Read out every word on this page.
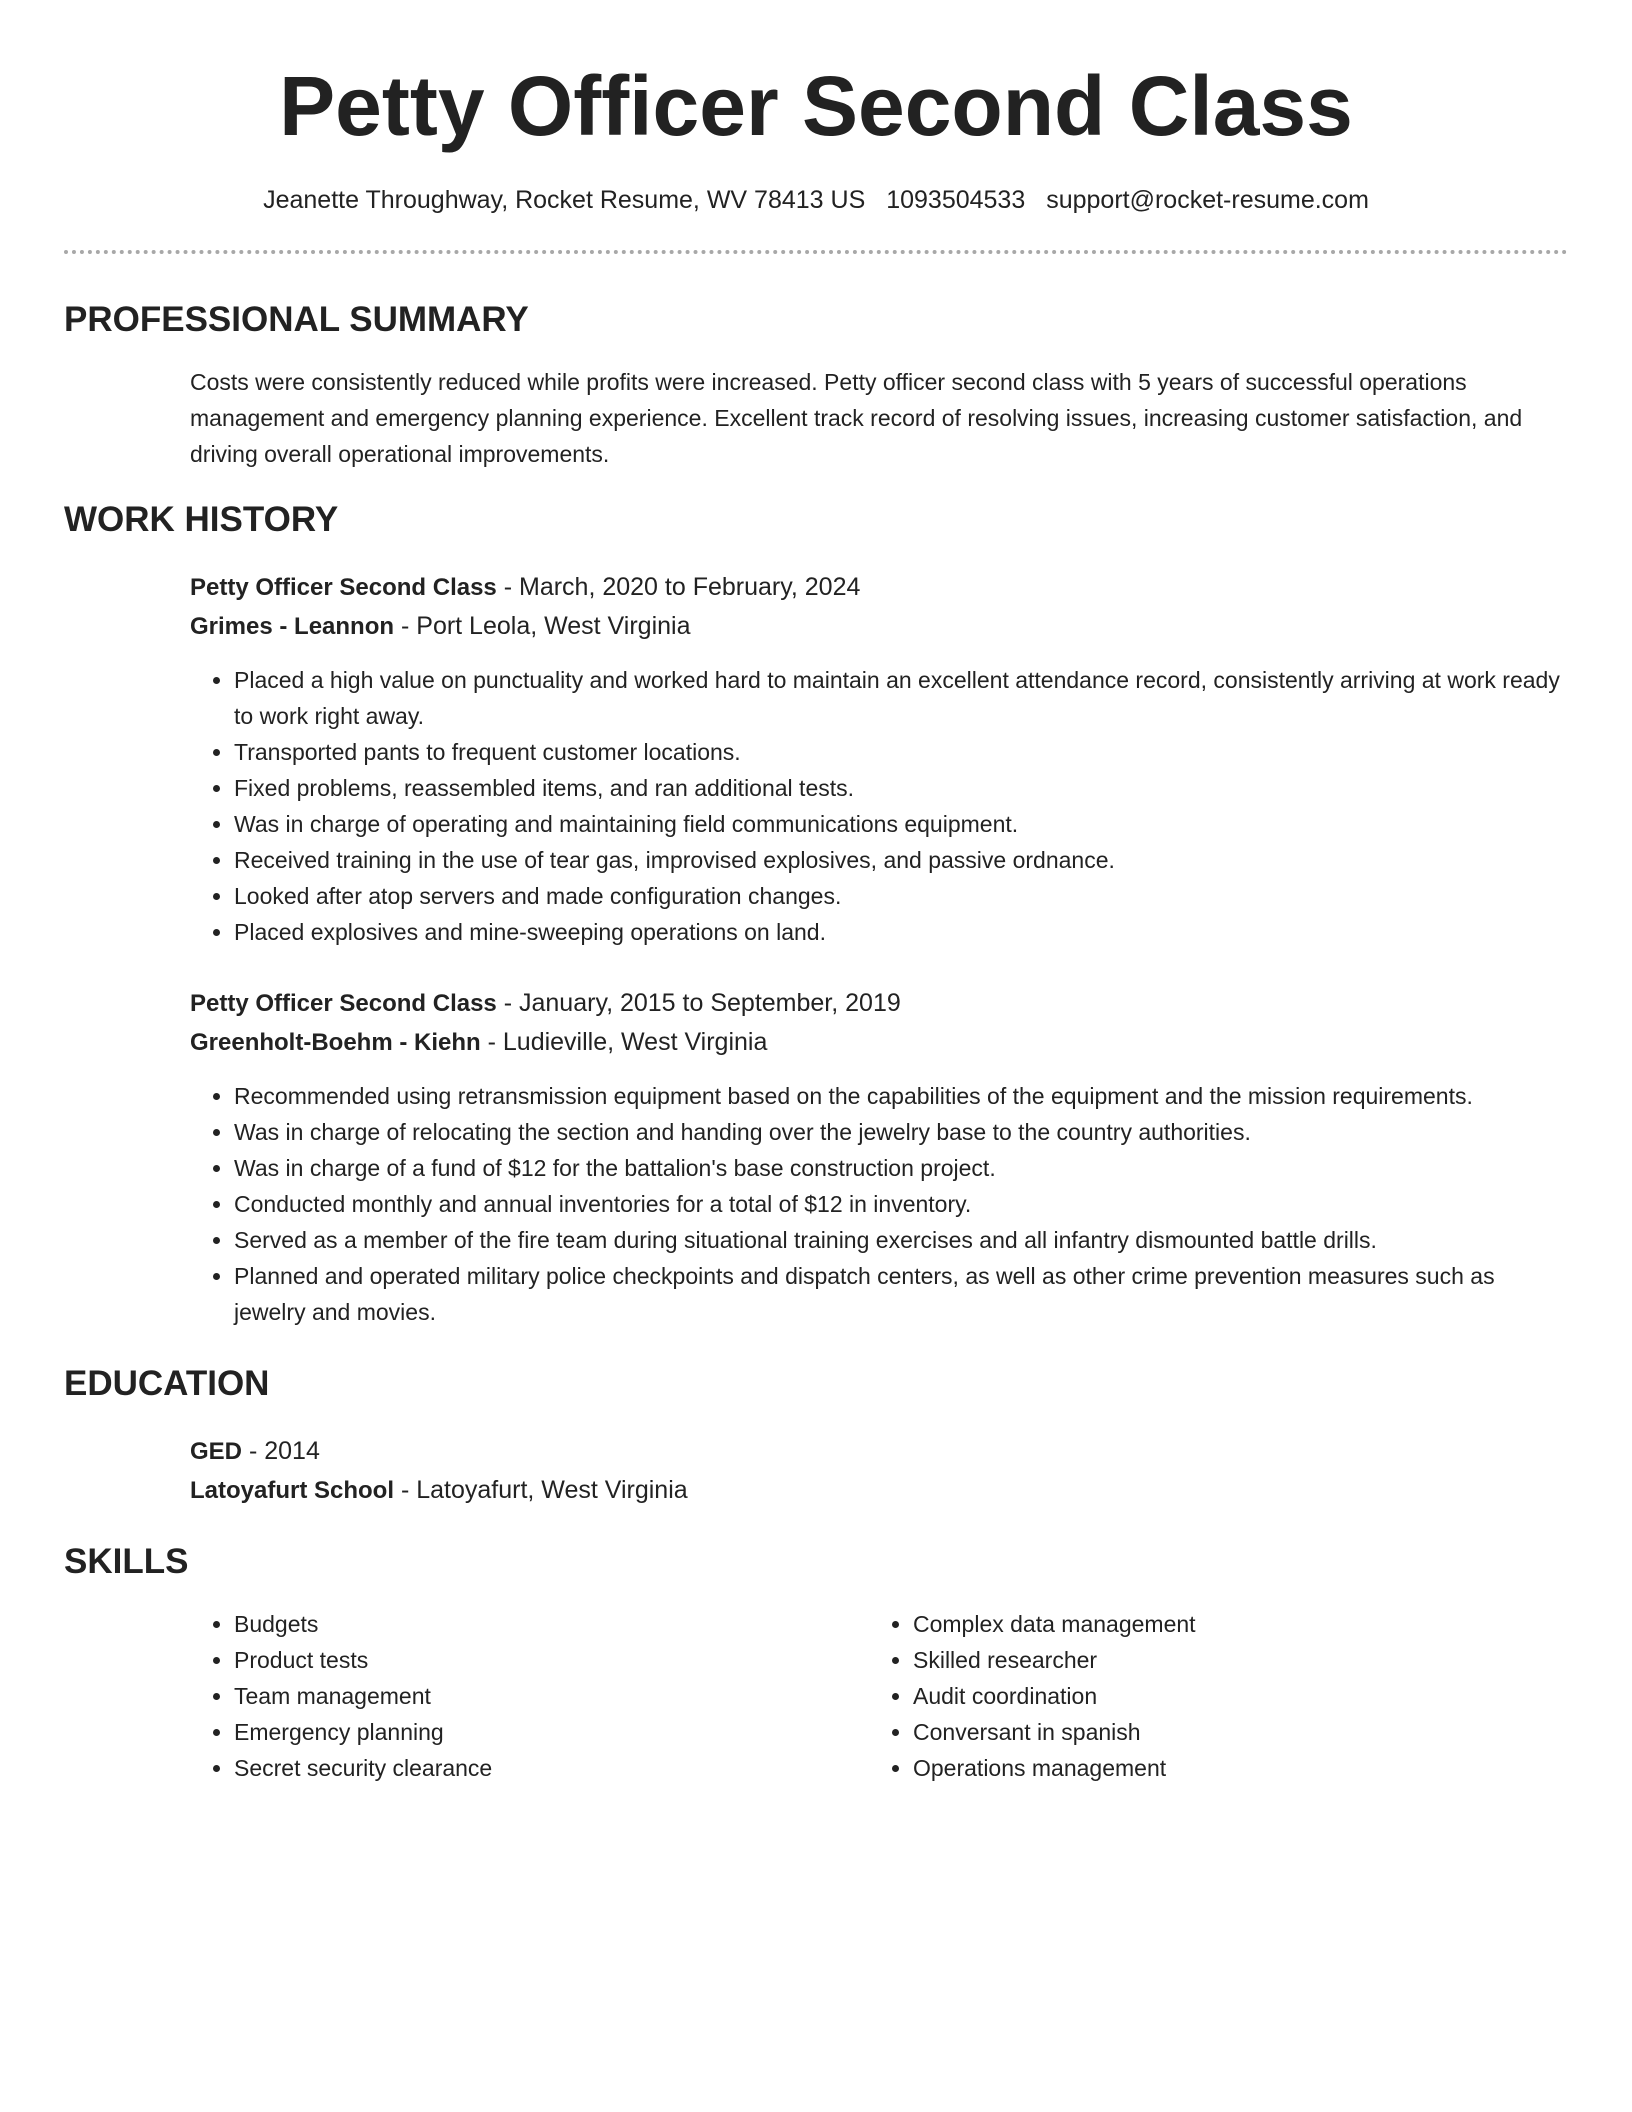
Petty Officer Second Class
Jeanette Throughway, Rocket Resume, WV 78413 US 1093504533 support@rocket-resume.com
PROFESSIONAL SUMMARY

Costs were consistently reduced while profits were increased. Petty officer second class with 5 years of successful operations management and emergency planning experience. Excellent track record of resolving issues, increasing customer satisfaction, and driving overall operational improvements.

WORK HISTORY
Petty Officer Second Class - March, 2020 to February, 2024
Grimes - Leannon - Port Leola, West Virginia
• Placed a high value on punctuality and worked hard to maintain an excellent attendance record, consistently arriving at work ready to work right away.
• Transported pants to frequent customer locations.
• Fixed problems, reassembled items, and ran additional tests.
• Was in charge of operating and maintaining field communications equipment.
• Received training in the use of tear gas, improvised explosives, and passive ordnance.
• Looked after atop servers and made configuration changes.
• Placed explosives and mine-sweeping operations on land.
Petty Officer Second Class - January, 2015 to September, 2019
Greenholt-Boehm - Kiehn - Ludieville, West Virginia
• Recommended using retransmission equipment based on the capabilities of the equipment and the mission requirements.
• Was in charge of relocating the section and handing over the jewelry base to the country authorities.
• Was in charge of a fund of $12 for the battalion's base construction project.
• Conducted monthly and annual inventories for a total of $12 in inventory.
• Served as a member of the fire team during situational training exercises and all infantry dismounted battle drills.
• Planned and operated military police checkpoints and dispatch centers, as well as other crime prevention measures such as jewelry and movies.
EDUCATION
GED - 2014
Latoyafurt School - Latoyafurt, West Virginia
SKILLS
• Budgets
• Product tests
• Team management
• Emergency planning
• Secret security clearance
• Complex data management
• Skilled researcher
• Audit coordination
• Conversant in spanish
• Operations management
